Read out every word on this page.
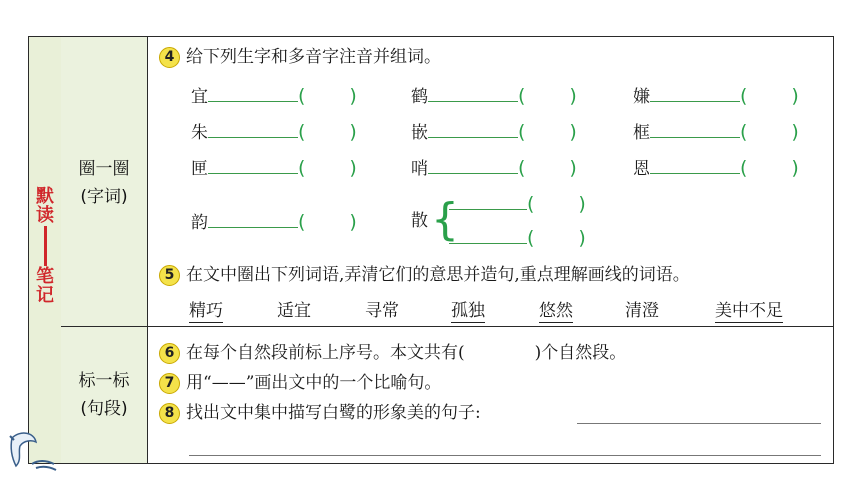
默
读
笔
记
圈一圈
(字词)
标一标
(句段)
4 给下列生字和多音字注音并组词。
宜	( )	鹤	( )	嫌	( )
朱	( )	嵌	( )	框	( )
匣	( )	哨	( )	恩	( )
韵	( )	散 {	( )
( )
5 在文中圈出下列词语,弄清它们的意思并造句,重点理解画线的词语。
精巧	适宜	寻常	孤独	悠然	清澄	美中不足
6 在每个自然段前标上序号。本文共有(	)个自然段。
7 用“——”画出文中的一个比喻句。
8 找出文中集中描写白鹭的形象美的句子:
